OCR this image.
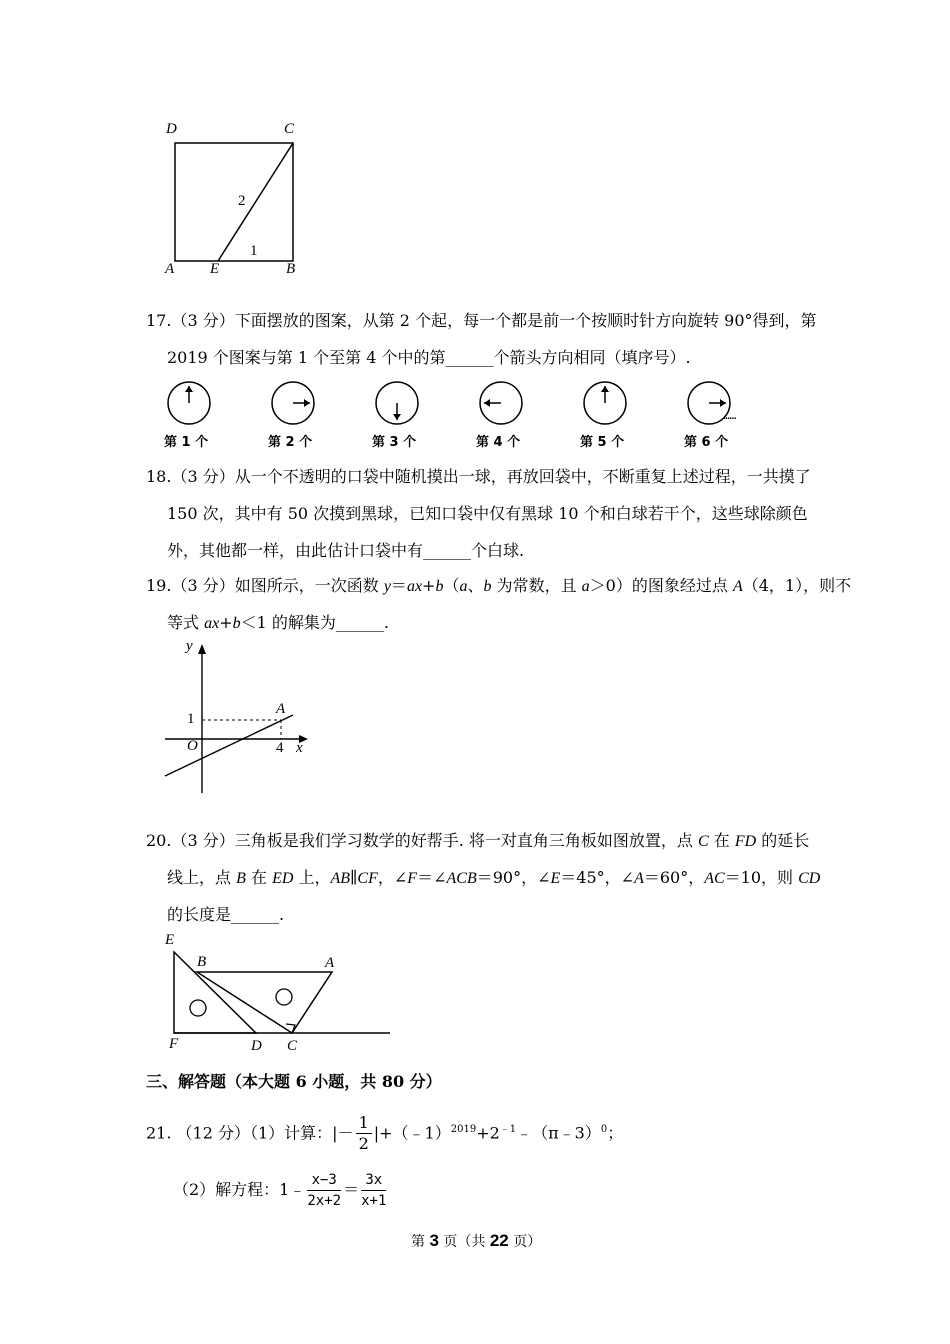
D	C
A E	B
1
2
17.（3 分）下面摆放的图案，从第 2 个起，每一个都是前一个按顺时针方向旋转 90°得到，第
2019 个图案与第 1 个至第 4 个中的第______个箭头方向相同（填序号）.
……
第 1 个	第 2 个	第 3 个	第 4 个	第 5 个	第 6 个
18.（3 分）从一个不透明的口袋中随机摸出一球，再放回袋中，不断重复上述过程，一共摸了
150 次，其中有 50 次摸到黑球，已知口袋中仅有黑球 10 个和白球若干个，这些球除颜色
外，其他都一样，由此估计口袋中有______个白球.
19.（3 分）如图所示，一次函数 y＝ax+b（a、b 为常数，且 a＞0）的图象经过点 A（4，1），则不
等式 ax+b＜1 的解集为______.
y
x
O
1
4
A
20.（3 分）三角板是我们学习数学的好帮手. 将一对直角三角板如图放置，点 C 在 FD 的延长
线上，点 B 在 ED 上，AB∥CF，∠F＝∠ACB＝90°，∠E＝45°，∠A＝60°，AC＝10，则 CD
的长度是______.
E
B	A
F	D C
三、解答题（本大题 6 小题，共 80 分）
21. （12 分）（1）计算：|－ $\frac{1}{2}$ $|+(﹣1)^{2019}+2^{﹣1}﹣(\pi﹣3)^0$；
（2）解方程：1﹣ $\frac{x-3}{2x+2} = \frac{3x}{x+1}$
第 3 页（共 22 页）
